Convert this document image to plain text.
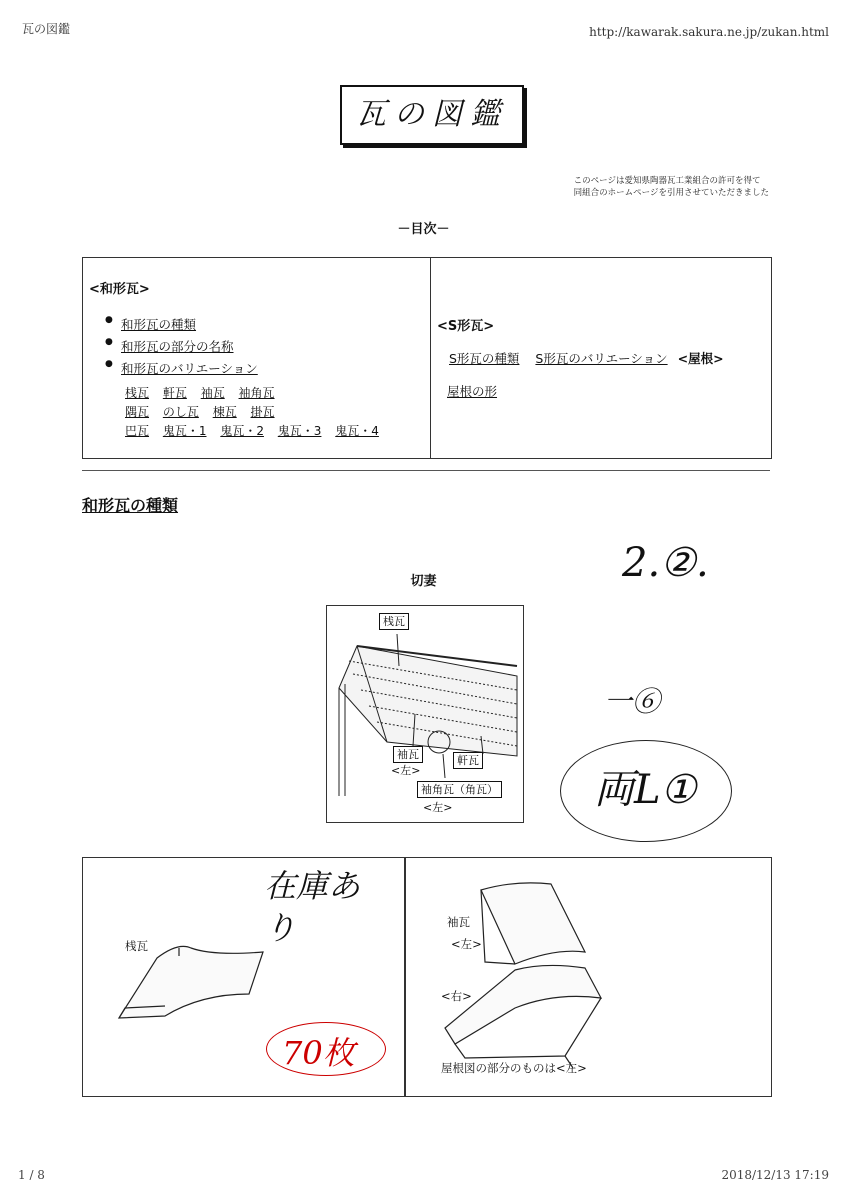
瓦の図鑑	http://kawarak.sakura.ne.jp/zukan.html
瓦の図鑑
このページは愛知県陶器瓦工業組合の許可を得て
同組合のホームページを引用させていただきました
－目次－
<和形瓦>
● 和形瓦の種類
● 和形瓦の部分の名称
● 和形瓦のバリエーション
桟瓦 軒瓦 袖瓦 袖角瓦
隅瓦 のし瓦 棟瓦 掛瓦
巴瓦 鬼瓦・1 鬼瓦・2 鬼瓦・3 鬼瓦・4
<S形瓦>
S形瓦の種類 S形瓦のバリエーション <屋根>
屋根の形
和形瓦の種類
切妻
桟瓦
袖瓦
<左>
軒瓦
袖角瓦（角瓦）
<左>
桟瓦
袖瓦
<左>
<右>
屋根図の部分のものは<左>
2.②.
一⑥
両L①
在庫あり
70枚
1 / 8	2018/12/13 17:19
